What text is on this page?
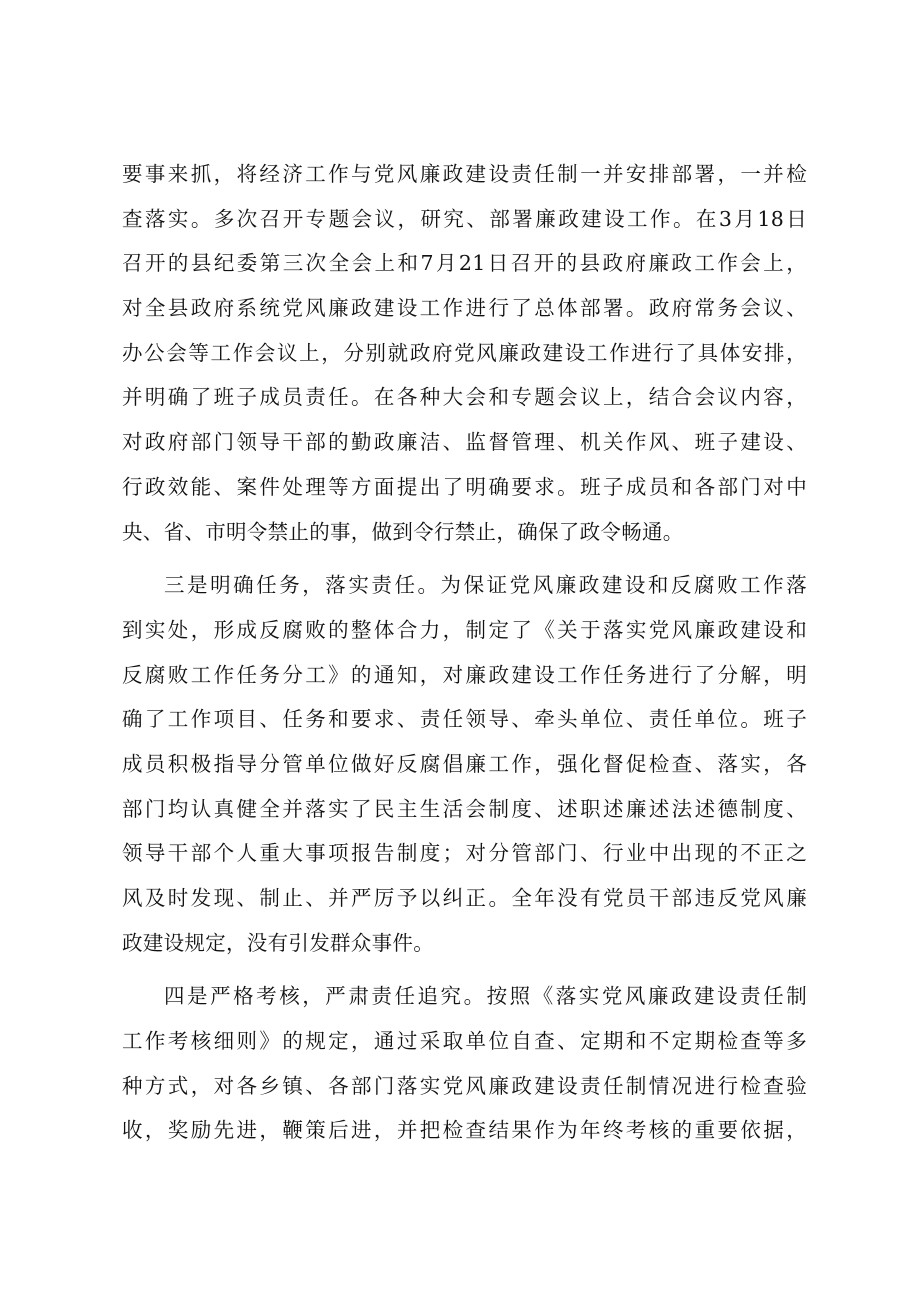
要事来抓，将经济工作与党风廉政建设责任制一并安排部署，一并检
查落实。多次召开专题会议，研究、部署廉政建设工作。在3月18日
召开的县纪委第三次全会上和7月21日召开的县政府廉政工作会上，
对全县政府系统党风廉政建设工作进行了总体部署。政府常务会议、
办公会等工作会议上，分别就政府党风廉政建设工作进行了具体安排，
并明确了班子成员责任。在各种大会和专题会议上，结合会议内容，
对政府部门领导干部的勤政廉洁、监督管理、机关作风、班子建设、
行政效能、案件处理等方面提出了明确要求。班子成员和各部门对中
央、省、市明令禁止的事，做到令行禁止，确保了政令畅通。
三是明确任务，落实责任。为保证党风廉政建设和反腐败工作落
到实处，形成反腐败的整体合力，制定了《关于落实党风廉政建设和
反腐败工作任务分工》的通知，对廉政建设工作任务进行了分解，明
确了工作项目、任务和要求、责任领导、牵头单位、责任单位。班子
成员积极指导分管单位做好反腐倡廉工作，强化督促检查、落实，各
部门均认真健全并落实了民主生活会制度、述职述廉述法述德制度、
领导干部个人重大事项报告制度；对分管部门、行业中出现的不正之
风及时发现、制止、并严厉予以纠正。全年没有党员干部违反党风廉
政建设规定，没有引发群众事件。
四是严格考核，严肃责任追究。按照《落实党风廉政建设责任制
工作考核细则》的规定，通过采取单位自查、定期和不定期检查等多
种方式，对各乡镇、各部门落实党风廉政建设责任制情况进行检查验
收，奖励先进，鞭策后进，并把检查结果作为年终考核的重要依据，
